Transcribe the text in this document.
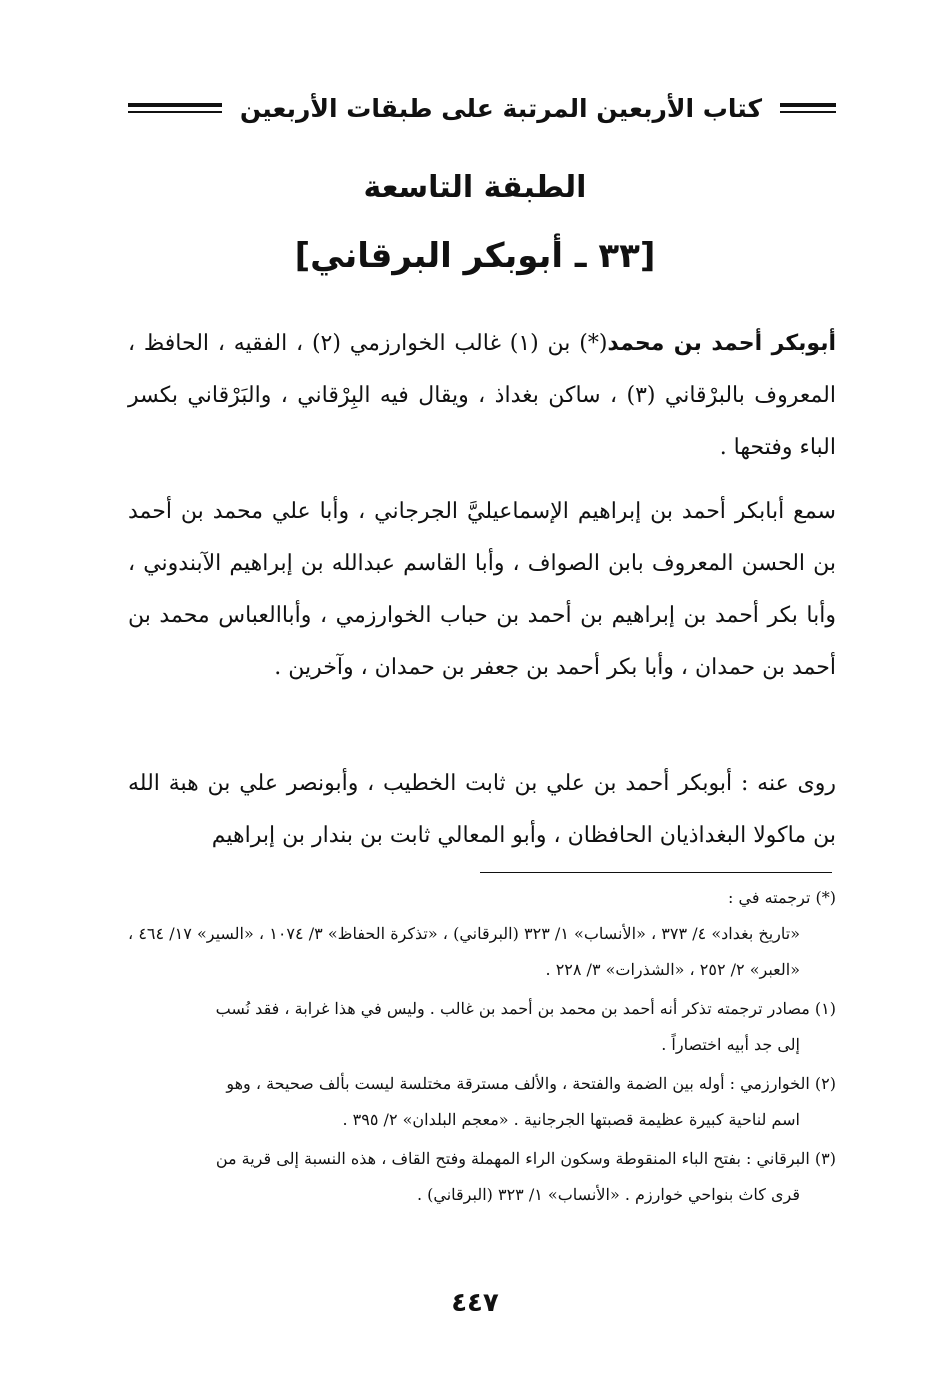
كتاب الأربعين المرتبة على طبقات الأربعين
الطبقة التاسعة
[٣٣ ـ أبوبكر البرقاني]
أبوبكر أحمد بن محمد(*) بن (١) غالب الخوارزمي (٢) ، الفقيه ، الحافظ ، المعروف بالبرْقاني (٣) ، ساكن بغداذ ، ويقال فيه البِرْقاني ، والبَرْقاني بكسر الباء وفتحها .
سمع أبابكر أحمد بن إبراهيم الإسماعيليَّ الجرجاني ، وأبا علي محمد بن أحمد بن الحسن المعروف بابن الصواف ، وأبا القاسم عبدالله بن إبراهيم الآبندوني ، وأبا بكر أحمد بن إبراهيم بن أحمد بن حباب الخوارزمي ، وأباالعباس محمد بن أحمد بن حمدان ، وأبا بكر أحمد بن جعفر بن حمدان ، وآخرين .
روى عنه : أبوبكر أحمد بن علي بن ثابت الخطيب ، وأبونصر علي بن هبة الله بن ماكولا البغداذيان الحافظان ، وأبو المعالي ثابت بن بندار بن إبراهيم
(*) ترجمته في :
«تاريخ بغداد» ٤/ ٣٧٣ ، «الأنساب» ١/ ٣٢٣ (البرقاني) ، «تذكرة الحفاظ» ٣/ ١٠٧٤ ، «السير» ١٧/ ٤٦٤ ، «العبر» ٢/ ٢٥٢ ، «الشذرات» ٣/ ٢٢٨ .
(١) مصادر ترجمته تذكر أنه أحمد بن محمد بن أحمد بن غالب . وليس في هذا غرابة ، فقد نُسب
إلى جد أبيه اختصاراً .
(٢) الخوارزمي : أوله بين الضمة والفتحة ، والألف مسترقة مختلسة ليست بألف صحيحة ، وهو
اسم لناحية كبيرة عظيمة قصبتها الجرجانية . «معجم البلدان» ٢/ ٣٩٥ .
(٣) البرقاني : بفتح الباء المنقوطة وسكون الراء المهملة وفتح القاف ، هذه النسبة إلى قرية من
قرى كاث بنواحي خوارزم . «الأنساب» ١/ ٣٢٣ (البرقاني) .
٤٤٧
